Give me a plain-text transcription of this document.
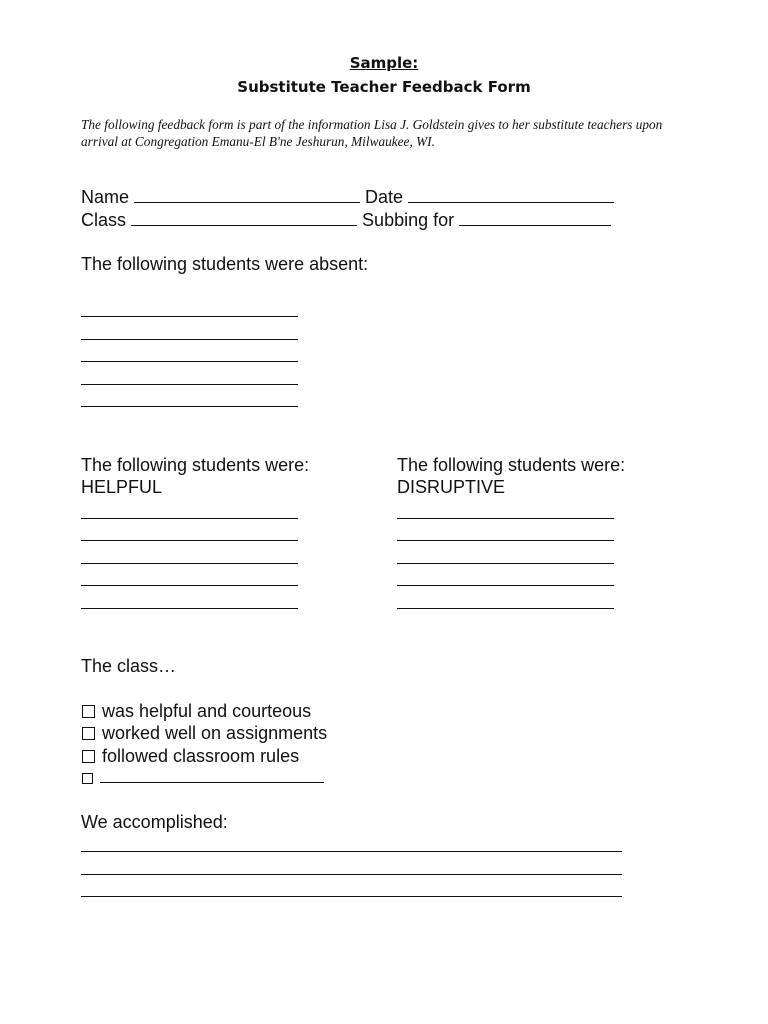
Sample:
Substitute Teacher Feedback Form
The following feedback form is part of the information Lisa J. Goldstein gives to her substitute teachers upon arrival at Congregation Emanu-El B'ne Jeshurun, Milwaukee, WI.
Name	Date
Class	Subbing for
The following students were absent:
The following students were:
HELPFUL
The following students were:
DISRUPTIVE
The class…
was helpful and courteous
worked well on assignments
followed classroom rules
We accomplished:
